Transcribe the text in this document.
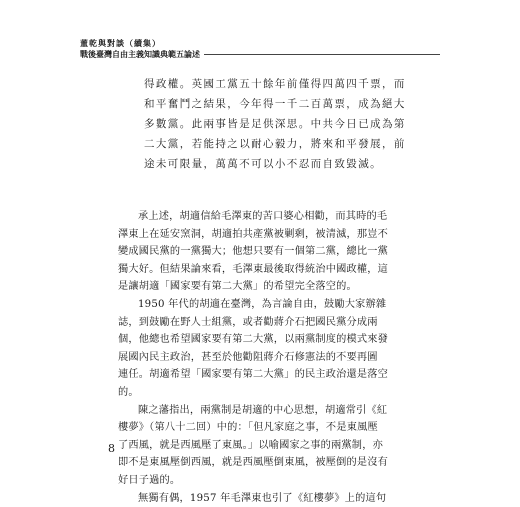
董乾與對談（續集）
戰後臺灣自由主義知識典範五論述
得政權。英國工黨五十餘年前僅得四萬四千票，而
和平奮鬥之結果，今年得一千二百萬票，成為絕大
多數黨。此兩事皆是足供深思。中共今日已成為第
二大黨，若能持之以耐心毅力，將來和平發展，前
途未可限量，萬萬不可以小不忍而自致毀滅。
承上述，胡適信給毛澤東的苦口婆心相勸，而其時的毛
澤東上在延安窯洞，胡適拍共產黨被剿剩，被清滅，那豈不
變成國民黨的一黨獨大；他想只要有一個第二黨，總比一黨
獨大好。但結果論來看，毛澤東最後取得統治中國政權，這
是讓胡適「國家要有第二大黨」的希望完全落空的。
1950 年代的胡適在臺灣，為言論自由，鼓勵大家辦雜
誌，到鼓勵在野人士組黨，或者勸蔣介石把國民黨分成兩
個，他總也希望國家要有第二大黨，以兩黨制度的模式來發
展國內民主政治，甚至於他勸阻蔣介石修憲法的不要再圖
連任。胡適希望「國家要有第二大黨」的民主政治還是落空
的。
陳之藩指出，兩黨制是胡適的中心思想，胡適常引《紅
樓夢》（第八十二回）中的：「但凡家庭之事，不是東風壓
了西風，就是西風壓了東風。」以喻國家之事的兩黨制，亦
即不是東風壓倒西風，就是西風壓倒東風，被壓倒的是沒有
好日子過的。
無獨有偶，1957 年毛澤東也引了《紅樓夢》上的這句
8
